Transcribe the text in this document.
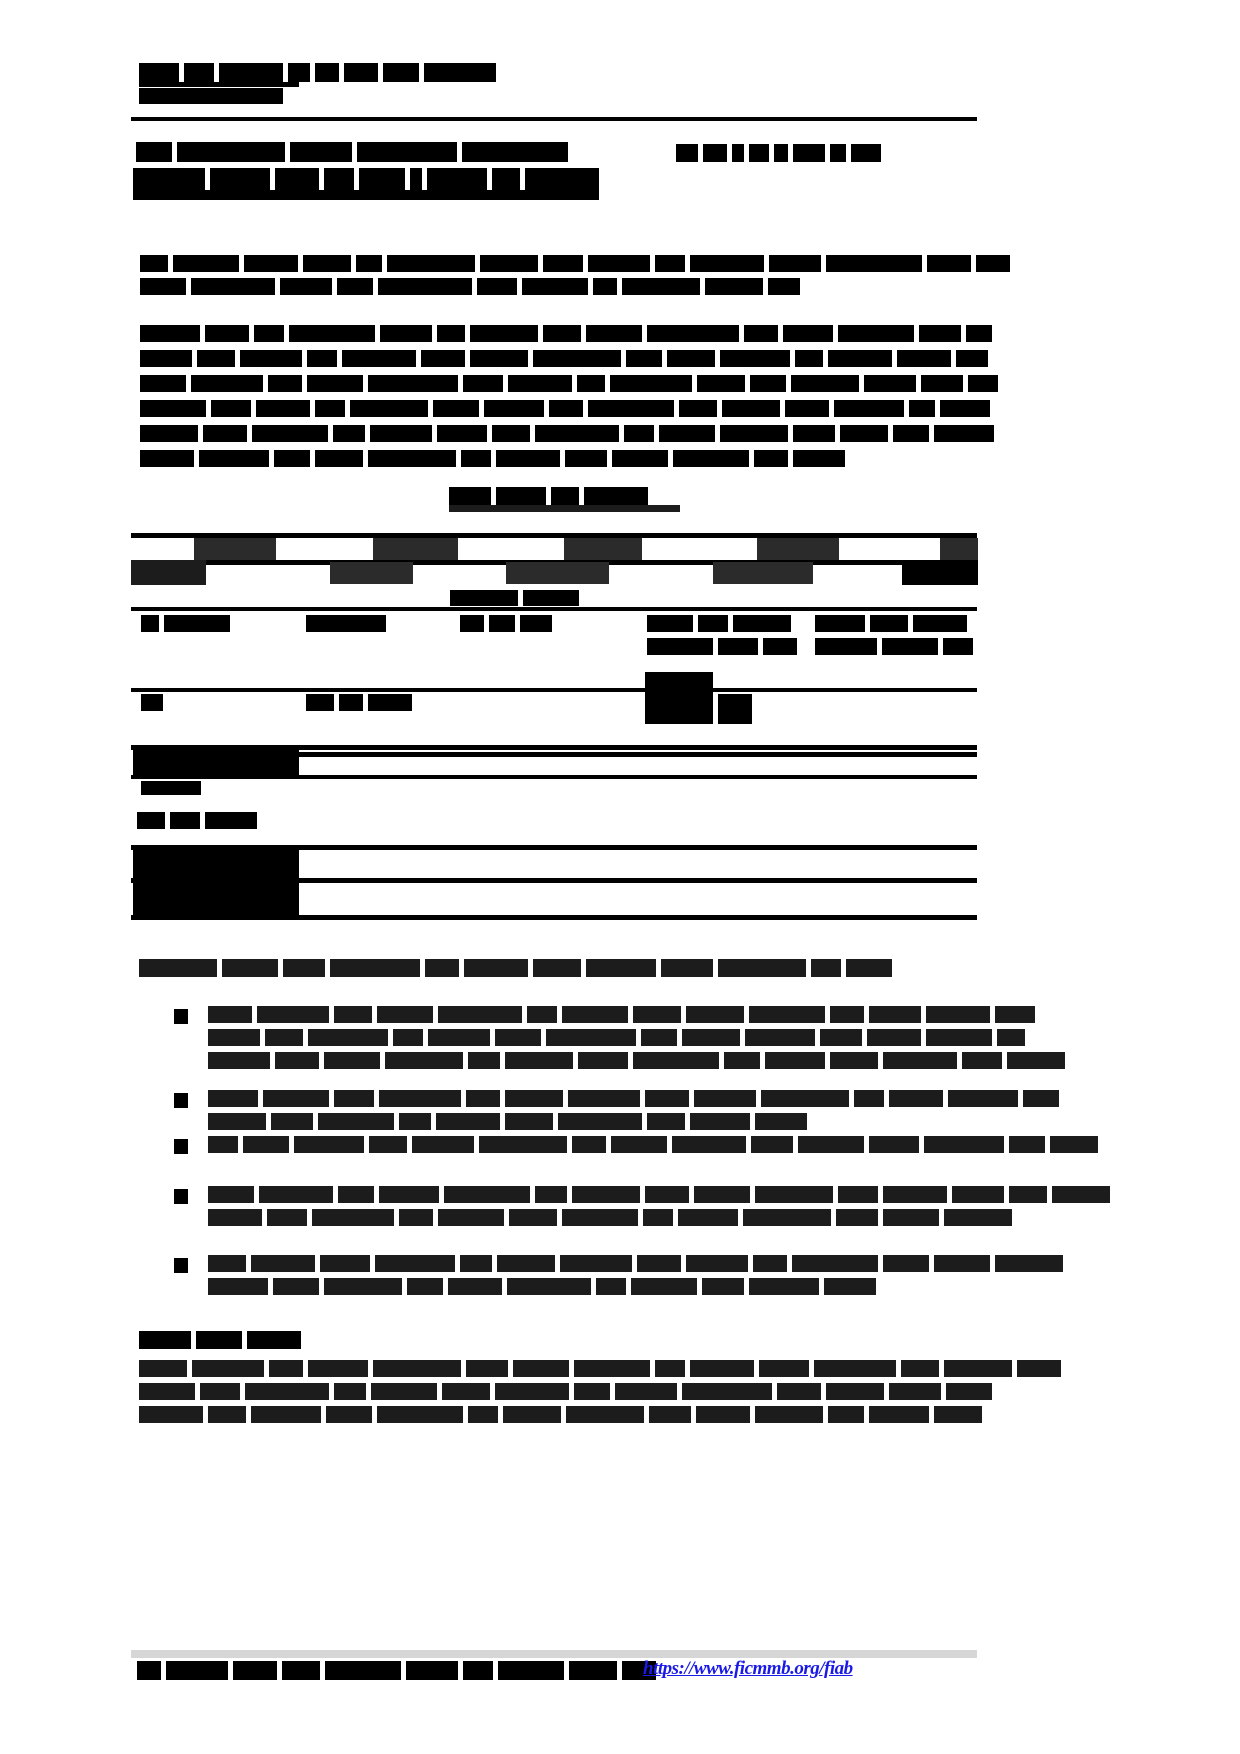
https://www.ficmmb.org/fiab
